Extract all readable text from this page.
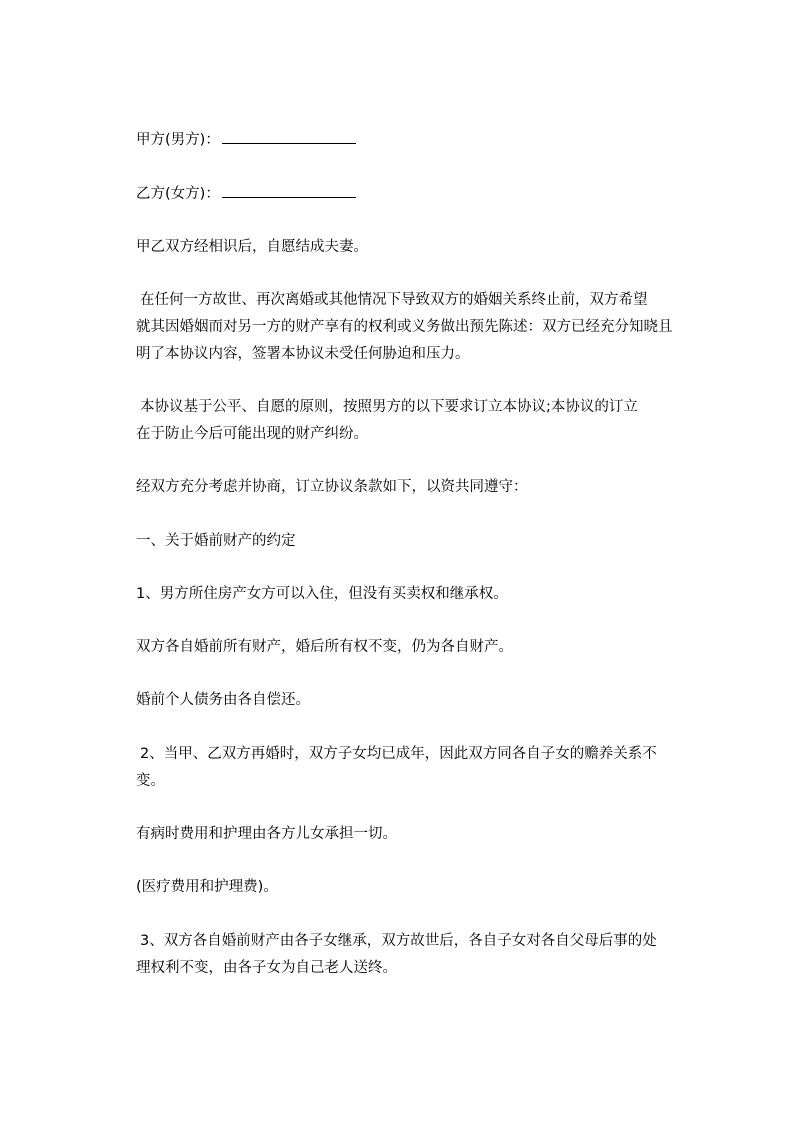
甲方(男方)：
乙方(女方)：
甲乙双方经相识后，自愿结成夫妻。
在任何一方故世、再次离婚或其他情况下导致双方的婚姻关系终止前，双方希望
就其因婚姻而对另一方的财产享有的权利或义务做出预先陈述：双方已经充分知晓且
明了本协议内容，签署本协议未受任何胁迫和压力。
本协议基于公平、自愿的原则，按照男方的以下要求订立本协议;本协议的订立
在于防止今后可能出现的财产纠纷。
经双方充分考虑并协商，订立协议条款如下，以资共同遵守：
一、关于婚前财产的约定
1、男方所住房产女方可以入住，但没有买卖权和继承权。
双方各自婚前所有财产，婚后所有权不变，仍为各自财产。
婚前个人债务由各自偿还。
2、当甲、乙双方再婚时，双方子女均已成年，因此双方同各自子女的赡养关系不
变。
有病时费用和护理由各方儿女承担一切。
(医疗费用和护理费)。
3、双方各自婚前财产由各子女继承，双方故世后，各自子女对各自父母后事的处
理权利不变，由各子女为自己老人送终。
